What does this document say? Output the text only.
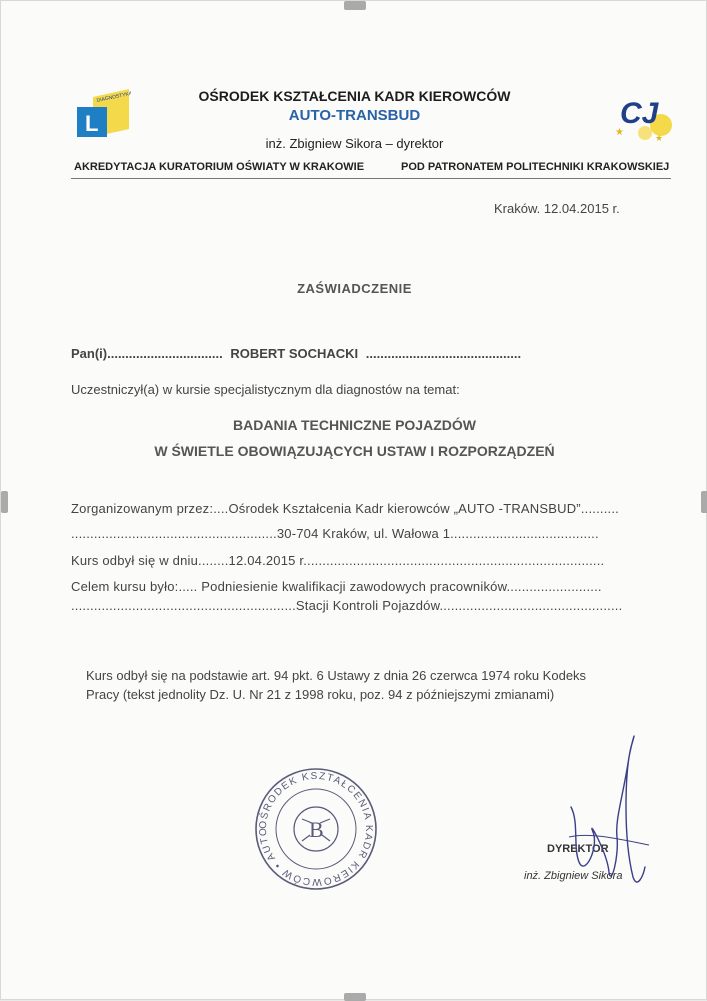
L
DIAGNOSTYKA	CJ
★	★
OŚRODEK KSZTAŁCENIA KADR KIEROWCÓW
AUTO-TRANSBUD
inż. Zbigniew Sikora – dyrektor
AKREDYTACJA KURATORIUM OŚWIATY W KRAKOWIE	POD PATRONATEM POLITECHNIKI KRAKOWSKIEJ
Kraków. 12.04.2015 r.
ZAŚWIADCZENIE
Pan(i)................................ ROBERT SOCHACKI ...........................................
Uczestniczył(a) w kursie specjalistycznym dla diagnostów na temat:
BADANIA TECHNICZNE POJAZDÓW
W ŚWIETLE OBOWIĄZUJĄCYCH USTAW I ROZPORZĄDZEŃ
Zorganizowanym przez:....Ośrodek Kształcenia Kadr kierowców „AUTO -TRANSBUD”..........
......................................................30-704 Kraków, ul. Wałowa 1.......................................
Kurs odbył się w dniu........12.04.2015 r...............................................................................
Celem kursu było:..... Podniesienie kwalifikacji zawodowych pracowników.........................
...........................................................Stacji Kontroli Pojazdów................................................
Kurs odbył się na podstawie art. 94 pkt. 6 Ustawy z dnia 26 czerwca 1974 roku Kodeks
Pracy (tekst jednolity Dz. U. Nr 21 z 1998 roku, poz. 94 z późniejszymi zmianami)
OŚRODEK KSZTAŁCENIA KADR KIEROWCÓW • AUTO	B
DYREKTOR
inż. Zbigniew Sikora
